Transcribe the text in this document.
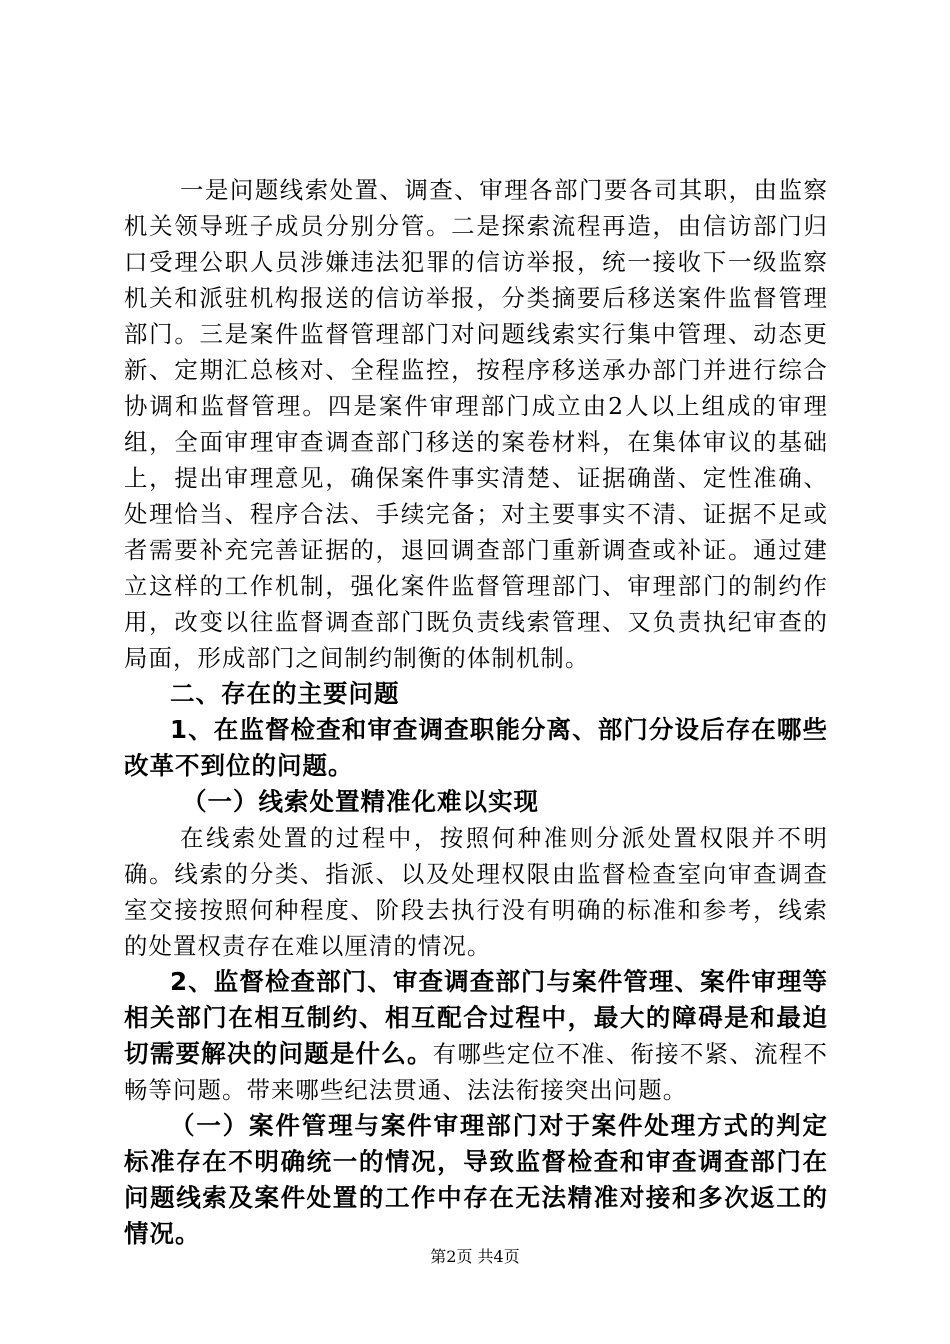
一是问题线索处置、调查、审理各部门要各司其职，由监察机关领导班子成员分别分管。二是探索流程再造，由信访部门归口受理公职人员涉嫌违法犯罪的信访举报，统一接收下一级监察机关和派驻机构报送的信访举报，分类摘要后移送案件监督管理部门。三是案件监督管理部门对问题线索实行集中管理、动态更新、定期汇总核对、全程监控，按程序移送承办部门并进行综合协调和监督管理。四是案件审理部门成立由2人以上组成的审理组，全面审理审查调查部门移送的案卷材料，在集体审议的基础上，提出审理意见，确保案件事实清楚、证据确凿、定性准确、处理恰当、程序合法、手续完备；对主要事实不清、证据不足或者需要补充完善证据的，退回调查部门重新调查或补证。通过建立这样的工作机制，强化案件监督管理部门、审理部门的制约作用，改变以往监督调查部门既负责线索管理、又负责执纪审查的局面，形成部门之间制约制衡的体制机制。

二、存在的主要问题

1、在监督检查和审查调查职能分离、部门分设后存在哪些改革不到位的问题。

（一）线索处置精准化难以实现

在线索处置的过程中，按照何种准则分派处置权限并不明确。线索的分类、指派、以及处理权限由监督检查室向审查调查室交接按照何种程度、阶段去执行没有明确的标准和参考，线索的处置权责存在难以厘清的情况。

2、监督检查部门、审查调查部门与案件管理、案件审理等相关部门在相互制约、相互配合过程中，最大的障碍是和最迫切需要解决的问题是什么。有哪些定位不准、衔接不紧、流程不畅等问题。带来哪些纪法贯通、法法衔接突出问题。

（一）案件管理与案件审理部门对于案件处理方式的判定标准存在不明确统一的情况，导致监督检查和审查调查部门在问题线索及案件处置的工作中存在无法精准对接和多次返工的情况。

第2页 共4页
